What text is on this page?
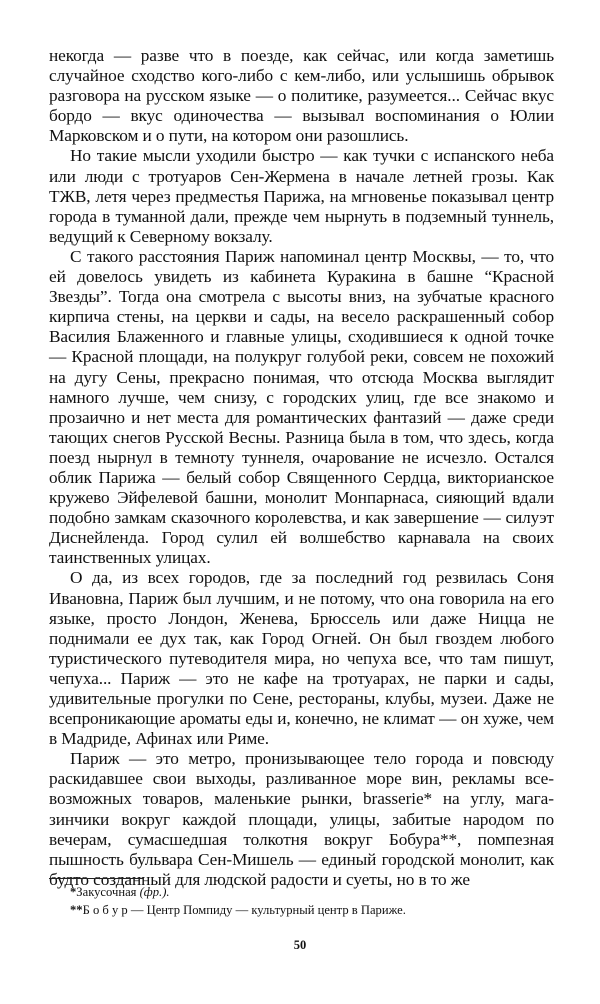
некогда — разве что в поезде, как сейчас, или когда заметишь случайное сходство кого‑либо с кем‑либо, или услышишь обрывок разговора на русском языке — о политике, разумеется... Сейчас вкус бордо — вкус одиночества — вызывал воспоминания о Юлии Марковском и о пути, на котором они разошлись.

Но такие мысли уходили быстро — как тучки с испанского неба или люди с тротуаров Сен‑Жермена в начале летней грозы. Как ТЖВ, летя через предместья Парижа, на мгновенье показывал центр города в туманной дали, прежде чем нырнуть в подземный туннель, ведущий к Северному вокзалу.

С такого расстояния Париж напоминал центр Москвы, — то, что ей довелось увидеть из кабинета Куракина в башне “Красной Звезды”. Тогда она смотрела с высоты вниз, на зубчатые красного кирпича стены, на церкви и сады, на весело раскрашенный собор Василия Блаженного и главные улицы, сходившиеся к одной точке — Красной площади, на полукруг голубой реки, совсем не похожий на дугу Сены, прекрасно понимая, что отсюда Москва выглядит намного лучше, чем снизу, с городских улиц, где все знакомо и прозаично и нет места для романтических фантазий — даже среди тающих снегов Русской Весны. Разница была в том, что здесь, когда поезд нырнул в темноту туннеля, очарование не исчезло. Остался облик Парижа — белый собор Священного Сердца, викторианское кружево Эйфелевой башни, монолит Монпарнаса, сияющий вдали подобно замкам сказочного королевства, и как завершение — силуэт Диснейленда. Город сулил ей волшебство карнавала на своих таинственных улицах.

О да, из всех городов, где за последний год резвилась Соня Ивановна, Париж был лучшим, и не потому, что она говорила на его языке, просто Лондон, Женева, Брюссель или даже Ницца не поднимали ее дух так, как Город Огней. Он был гвоздем любого туристического путеводителя мира, но чепуха все, что там пишут, чепуха... Париж — это не кафе на тротуарах, не парки и сады, удивительные прогулки по Сене, рестораны, клубы, музеи. Даже не всепроникающие ароматы еды и, конечно, не климат — он хуже, чем в Мадриде, Афинах или Риме.

Париж — это метро, пронизывающее тело города и повсюду раскидавшее свои выходы, разливанное море вин, рекламы всевозможных товаров, маленькие рынки, brasserie* на углу, магазинчики вокруг каждой площади, улицы, забитые народом по вечерам, сумасшедшая толкотня вокруг Бобура**, помпезная пышность бульвара Сен‑Мишель — единый городской монолит, как будто созданный для людской радости и суеты, но в то же

*Закусочная (фр.).
**Б о б у р — Центр Помпиду — культурный центр в Париже.
50
